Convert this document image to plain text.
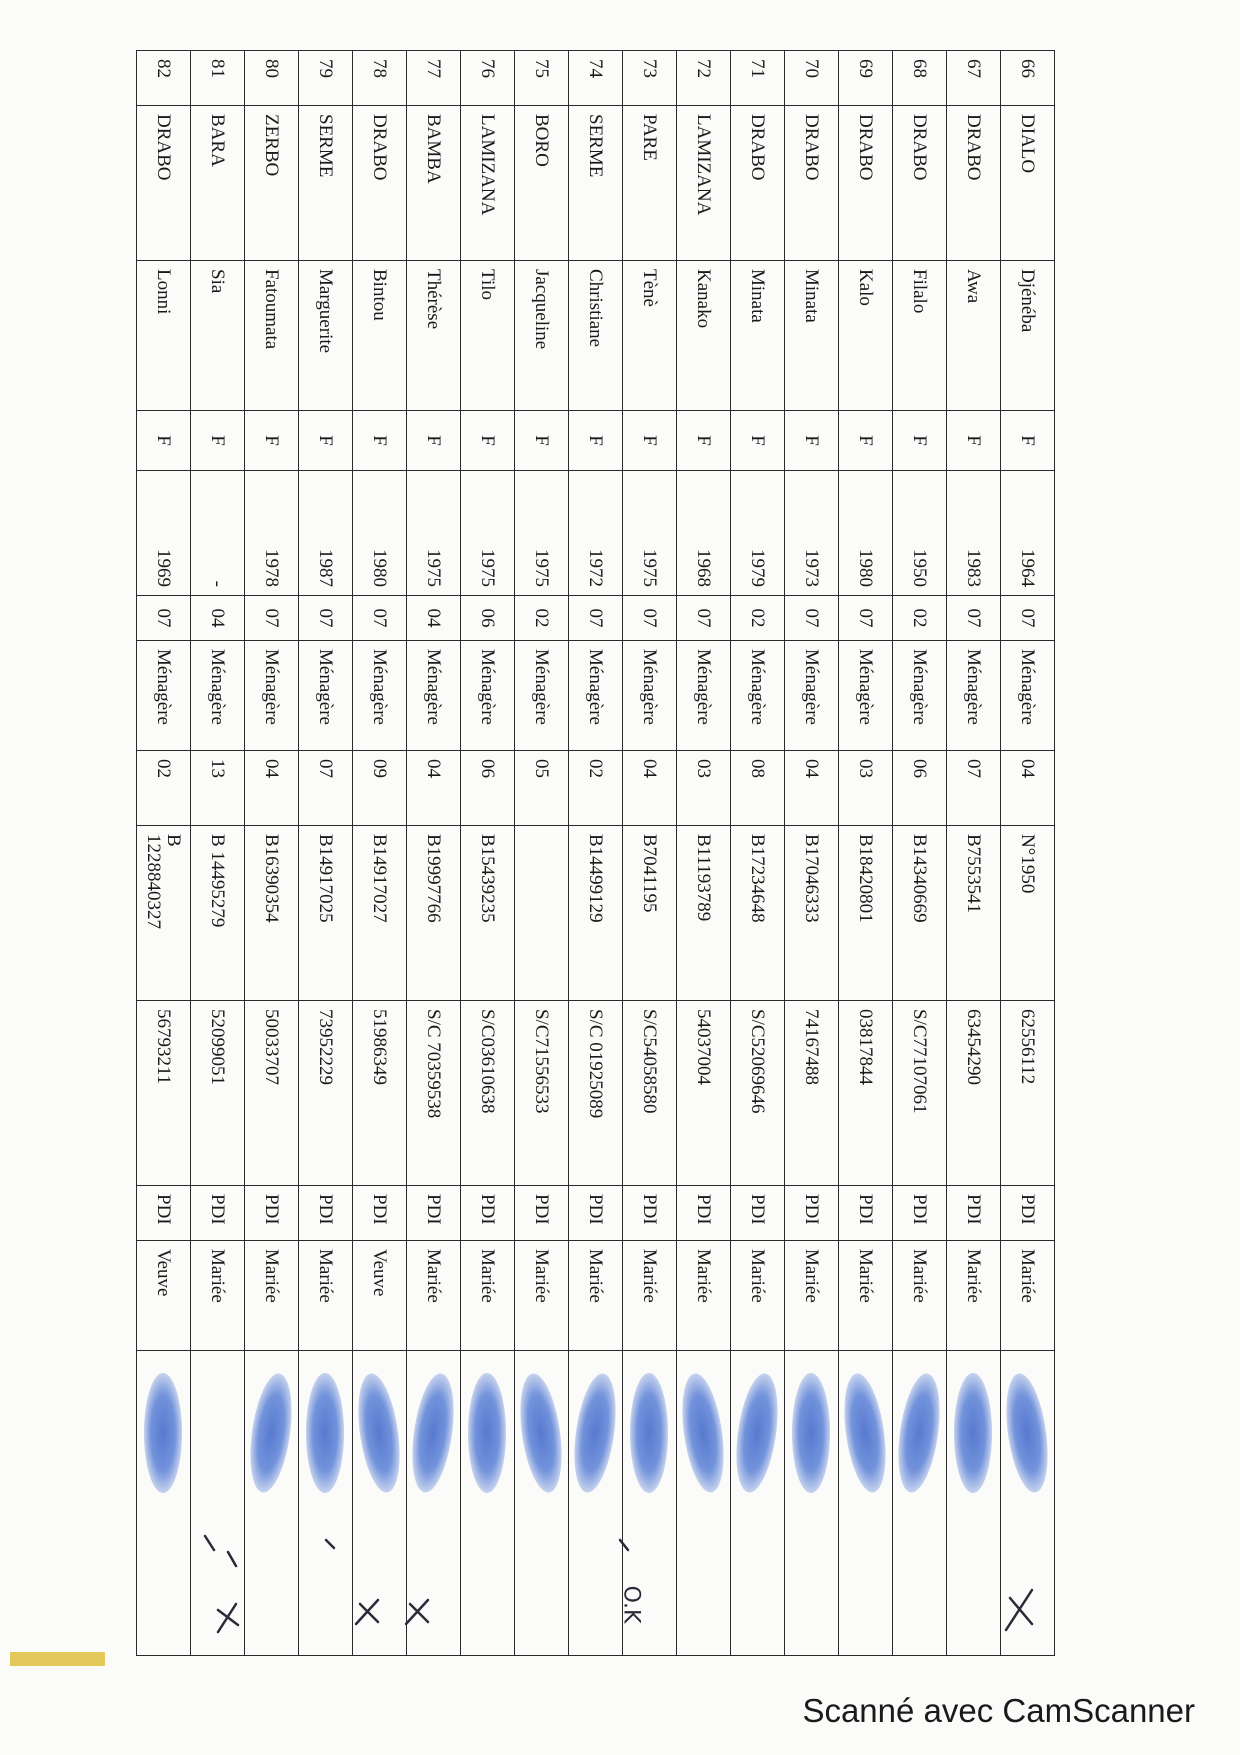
66	DIALO	Djénéba	F	1964	07	Ménagère	04	N°1950	62556112	PDI	Mariée	

67	DRABO	Awa	F	1983	07	Ménagère	07	B7553541	63454290	PDI	Mariée	

68	DRABO	Filalo	F	1950	02	Ménagère	06	B14340669	S/C77107061	PDI	Mariée	

69	DRABO	Kalo	F	1980	07	Ménagère	03	B18420801	03817844	PDI	Mariée	

70	DRABO	Minata	F	1973	07	Ménagère	04	B17046333	74167488	PDI	Mariée	

71	DRABO	Minata	F	1979	02	Ménagère	08	B17234648	S/C52069646	PDI	Mariée	

72	LAMIZANA	Kanako	F	1968	07	Ménagère	03	B11193789	54037004	PDI	Mariée	

73	PARE	Tènè	F	1975	07	Ménagère	04	B7041195	S/C54058580	PDI	Mariée	

74	SERME	Christiane	F	1972	07	Ménagère	02	B14499129	S/C 01925089	PDI	Mariée	

75	BORO	Jacqueline	F	1975	02	Ménagère	05		S/C71556533	PDI	Mariée	

76	LAMIZANA	Tilo	F	1975	06	Ménagère	06	B15439235	S/C03610638	PDI	Mariée	

77	BAMBA	Thérèse	F	1975	04	Ménagère	04	B19997766	S/C 70359538	PDI	Mariée	

78	DRABO	Bintou	F	1980	07	Ménagère	09	B14917027	51986349	PDI	Veuve	

79	SERME	Marguerite	F	1987	07	Ménagère	07	B14917025	73952229	PDI	Mariée	

80	ZERBO	Fatoumata	F	1978	07	Ménagère	04	B16390354	50033707	PDI	Mariée	

81	BARA	Sia	F	-	04	Ménagère	13	B 14495279	52099051	PDI	Mariée	
82	DRABO	Lonni	F	1969	07	Ménagère	02	B
1228840327	56793211	PDI	Veuve	
O.K
Scanné avec CamScanner
